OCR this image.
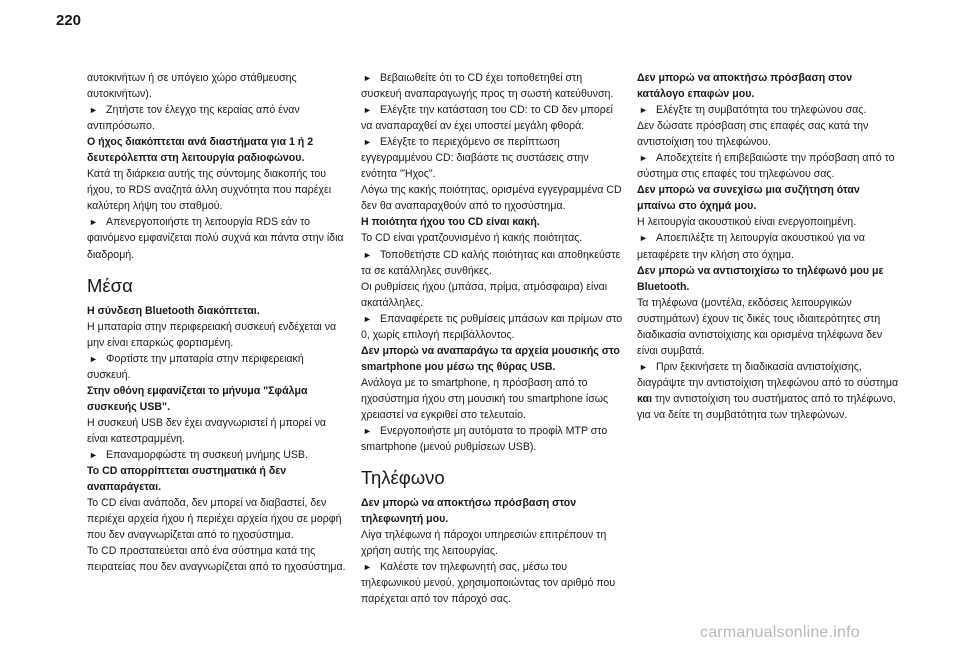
220

αυτοκινήτων ή σε υπόγειο χώρο στάθμευσης αυτοκινήτων).

► Ζητήστε τον έλεγχο της κεραίας από έναν αντιπρόσωπο.

Ο ήχος διακόπτεται ανά διαστήματα για 1 ή 2 δευτερόλεπτα στη λειτουργία ραδιοφώνου.

Κατά τη διάρκεια αυτής της σύντομης διακοπής του ήχου, το RDS αναζητά άλλη συχνότητα που παρέχει καλύτερη λήψη του σταθμού.

► Απενεργοποιήστε τη λειτουργία RDS εάν το φαινόμενο εμφανίζεται πολύ συχνά και πάντα στην ίδια διαδρομή.

Μέσα

Η σύνδεση Bluetooth διακόπτεται.

Η μπαταρία στην περιφερειακή συσκευή ενδέχεται να μην είναι επαρκώς φορτισμένη.

► Φορτίστε την μπαταρία στην περιφερειακή συσκευή.

Στην οθόνη εμφανίζεται το μήνυμα "Σφάλμα συσκευής USB".

Η συσκευή USB δεν έχει αναγνωριστεί ή μπορεί να είναι κατεστραμμένη.

► Επαναμορφώστε τη συσκευή μνήμης USB.

Το CD απορρίπτεται συστηματικά ή δεν αναπαράγεται.

Το CD είναι ανάποδα, δεν μπορεί να διαβαστεί, δεν περιέχει αρχεία ήχου ή περιέχει αρχεία ήχου σε μορφή που δεν αναγνωρίζεται από το ηχοσύστημα.

Το CD προστατεύεται από ένα σύστημα κατά της πειρατείας που δεν αναγνωρίζεται από το ηχοσύστημα.

► Βεβαιωθείτε ότι το CD έχει τοποθετηθεί στη συσκευή αναπαραγωγής προς τη σωστή κατεύθυνση.

► Ελέγξτε την κατάσταση του CD: το CD δεν μπορεί να αναπαραχθεί αν έχει υποστεί μεγάλη φθορά.

► Ελέγξτε το περιεχόμενο σε περίπτωση εγγεγραμμένου CD: διαβάστε τις συστάσεις στην ενότητα "Ήχος".

Λόγω της κακής ποιότητας, ορισμένα εγγεγραμμένα CD δεν θα αναπαραχθούν από το ηχοσύστημα.

Η ποιότητα ήχου του CD είναι κακή.

Το CD είναι γρατζουνισμένο ή κακής ποιότητας.

► Τοποθετήστε CD καλής ποιότητας και αποθηκεύστε τα σε κατάλληλες συνθήκες.

Οι ρυθμίσεις ήχου (μπάσα, πρίμα, ατμόσφαιρα) είναι ακατάλληλες.

► Επαναφέρετε τις ρυθμίσεις μπάσων και πρίμων στο 0, χωρίς επιλογή περιβάλλοντος.

Δεν μπορώ να αναπαράγω τα αρχεία μουσικής στο smartphone μου μέσω της θύρας USB.

Ανάλογα με το smartphone, η πρόσβαση από το ηχοσύστημα ήχου στη μουσική του smartphone ίσως χρειαστεί να εγκριθεί στο τελευταίο.

► Ενεργοποιήστε μη αυτόματα το προφίλ MTP στο smartphone (μενού ρυθμίσεων USB).

Τηλέφωνο

Δεν μπορώ να αποκτήσω πρόσβαση στον τηλεφωνητή μου.

Λίγα τηλέφωνα ή πάροχοι υπηρεσιών επιτρέπουν τη χρήση αυτής της λειτουργίας.

► Καλέστε τον τηλεφωνητή σας, μέσω του τηλεφωνικού μενού, χρησιμοποιώντας τον αριθμό που παρέχεται από τον πάροχό σας.

Δεν μπορώ να αποκτήσω πρόσβαση στον κατάλογο επαφών μου.

► Ελέγξτε τη συμβατότητα του τηλεφώνου σας.

Δεν δώσατε πρόσβαση στις επαφές σας κατά την αντιστοίχιση του τηλεφώνου.

► Αποδεχτείτε ή επιβεβαιώστε την πρόσβαση από το σύστημα στις επαφές του τηλεφώνου σας.

Δεν μπορώ να συνεχίσω μια συζήτηση όταν μπαίνω στο όχημά μου.

Η λειτουργία ακουστικού είναι ενεργοποιημένη.

► Αποεπιλέξτε τη λειτουργία ακουστικού για να μεταφέρετε την κλήση στο όχημα.

Δεν μπορώ να αντιστοιχίσω το τηλέφωνό μου με Bluetooth.

Τα τηλέφωνα (μοντέλα, εκδόσεις λειτουργικών συστημάτων) έχουν τις δικές τους ιδιαιτερότητες στη διαδικασία αντιστοίχισης και ορισμένα τηλέφωνα δεν είναι συμβατά.

► Πριν ξεκινήσετε τη διαδικασία αντιστοίχισης, διαγράψτε την αντιστοίχιση τηλεφώνου από το σύστημα και την αντιστοίχιση του συστήματος από το τηλέφωνο, για να δείτε τη συμβατότητα των τηλεφώνων.

carmanualsonline.info
